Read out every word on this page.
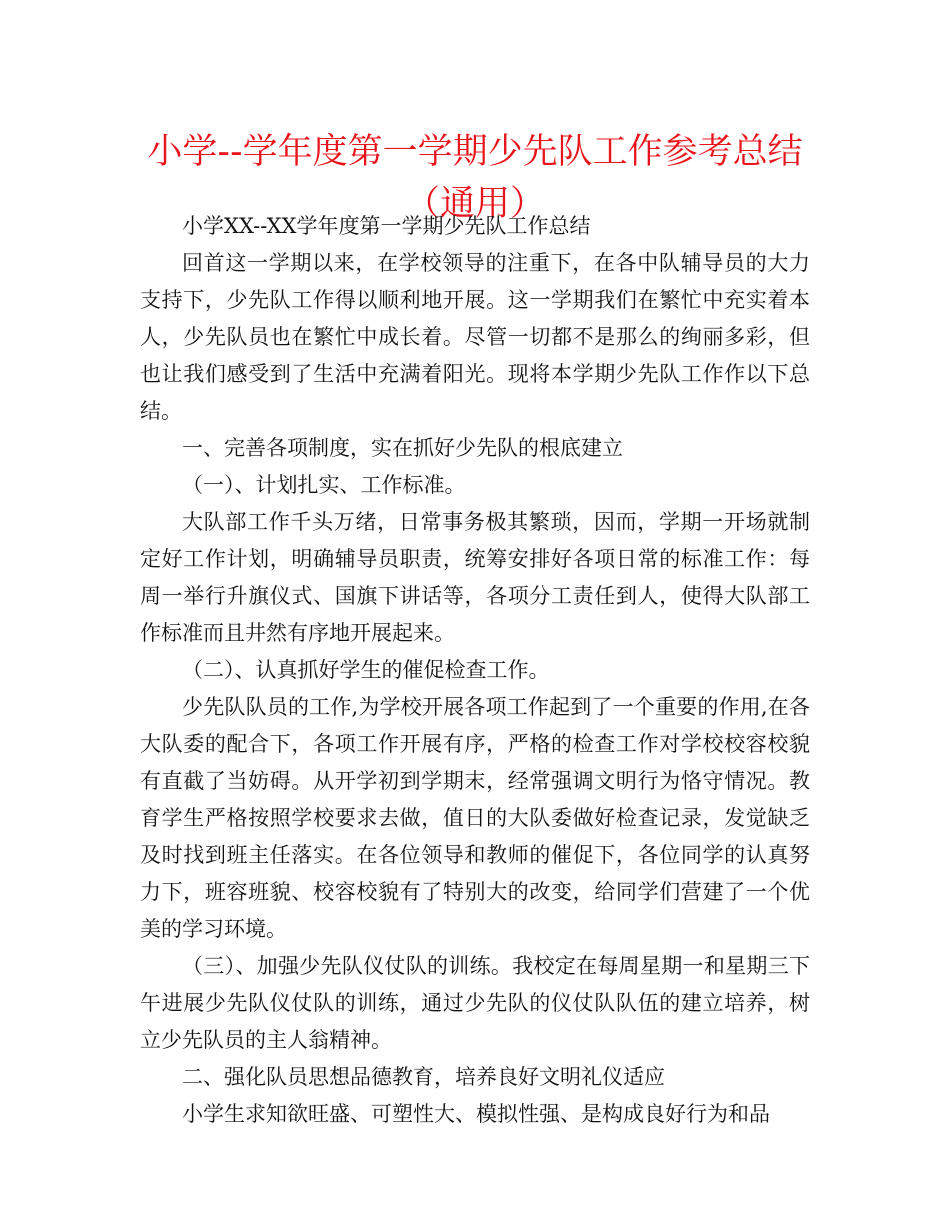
小学--学年度第一学期少先队工作参考总结（通用）

小学XX--XX学年度第一学期少先队工作总结

回首这一学期以来，在学校领导的注重下，在各中队辅导员的大力支持下，少先队工作得以顺利地开展。这一学期我们在繁忙中充实着本人，少先队员也在繁忙中成长着。尽管一切都不是那么的绚丽多彩，但也让我们感受到了生活中充满着阳光。现将本学期少先队工作作以下总结。

一、完善各项制度，实在抓好少先队的根底建立

（一）、计划扎实、工作标准。

大队部工作千头万绪，日常事务极其繁琐，因而，学期一开场就制定好工作计划，明确辅导员职责，统筹安排好各项日常的标准工作：每周一举行升旗仪式、国旗下讲话等，各项分工责任到人，使得大队部工作标准而且井然有序地开展起来。

（二）、认真抓好学生的催促检查工作。

少先队队员的工作,为学校开展各项工作起到了一个重要的作用,在各大队委的配合下，各项工作开展有序，严格的检查工作对学校校容校貌有直截了当妨碍。从开学初到学期末，经常强调文明行为恪守情况。教育学生严格按照学校要求去做，值日的大队委做好检查记录，发觉缺乏及时找到班主任落实。在各位领导和教师的催促下，各位同学的认真努力下，班容班貌、校容校貌有了特别大的改变，给同学们营建了一个优美的学习环境。

（三）、加强少先队仪仗队的训练。我校定在每周星期一和星期三下午进展少先队仪仗队的训练，通过少先队的仪仗队队伍的建立培养，树立少先队员的主人翁精神。

二、强化队员思想品德教育，培养良好文明礼仪适应

小学生求知欲旺盛、可塑性大、模拟性强、是构成良好行为和品
